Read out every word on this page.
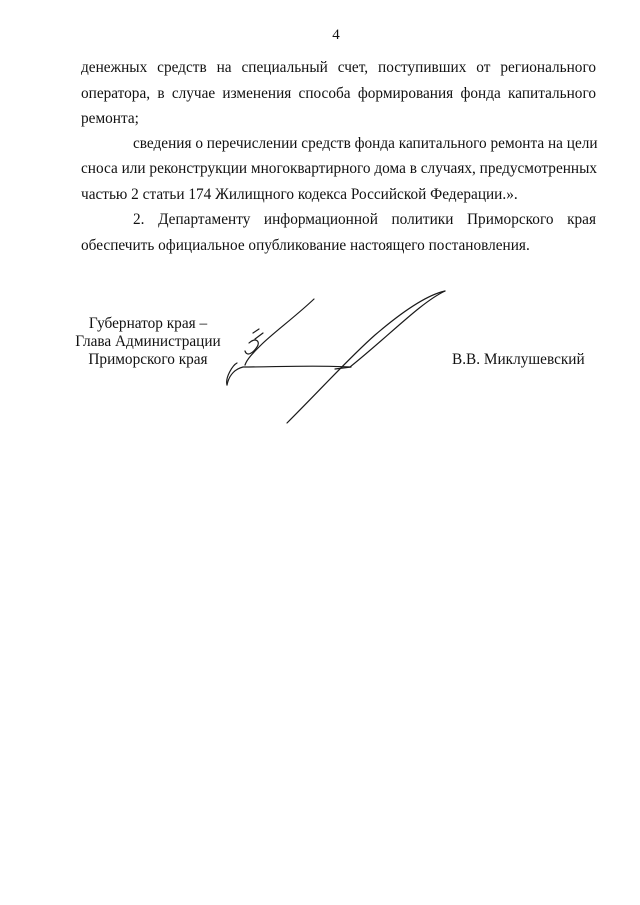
4
денежных средств на специальный счет, поступивших от регионального
оператора, в случае изменения способа формирования фонда капитального
ремонта;
сведения о перечислении средств фонда капитального ремонта на цели
сноса или реконструкции многоквартирного дома в случаях, предусмотренных
частью 2 статьи 174 Жилищного кодекса Российской Федерации.».
2. Департаменту информационной политики Приморского края
обеспечить официальное опубликование настоящего постановления.
Губернатор края –
Глава Администрации
Приморского края	В.В. Миклушевский
